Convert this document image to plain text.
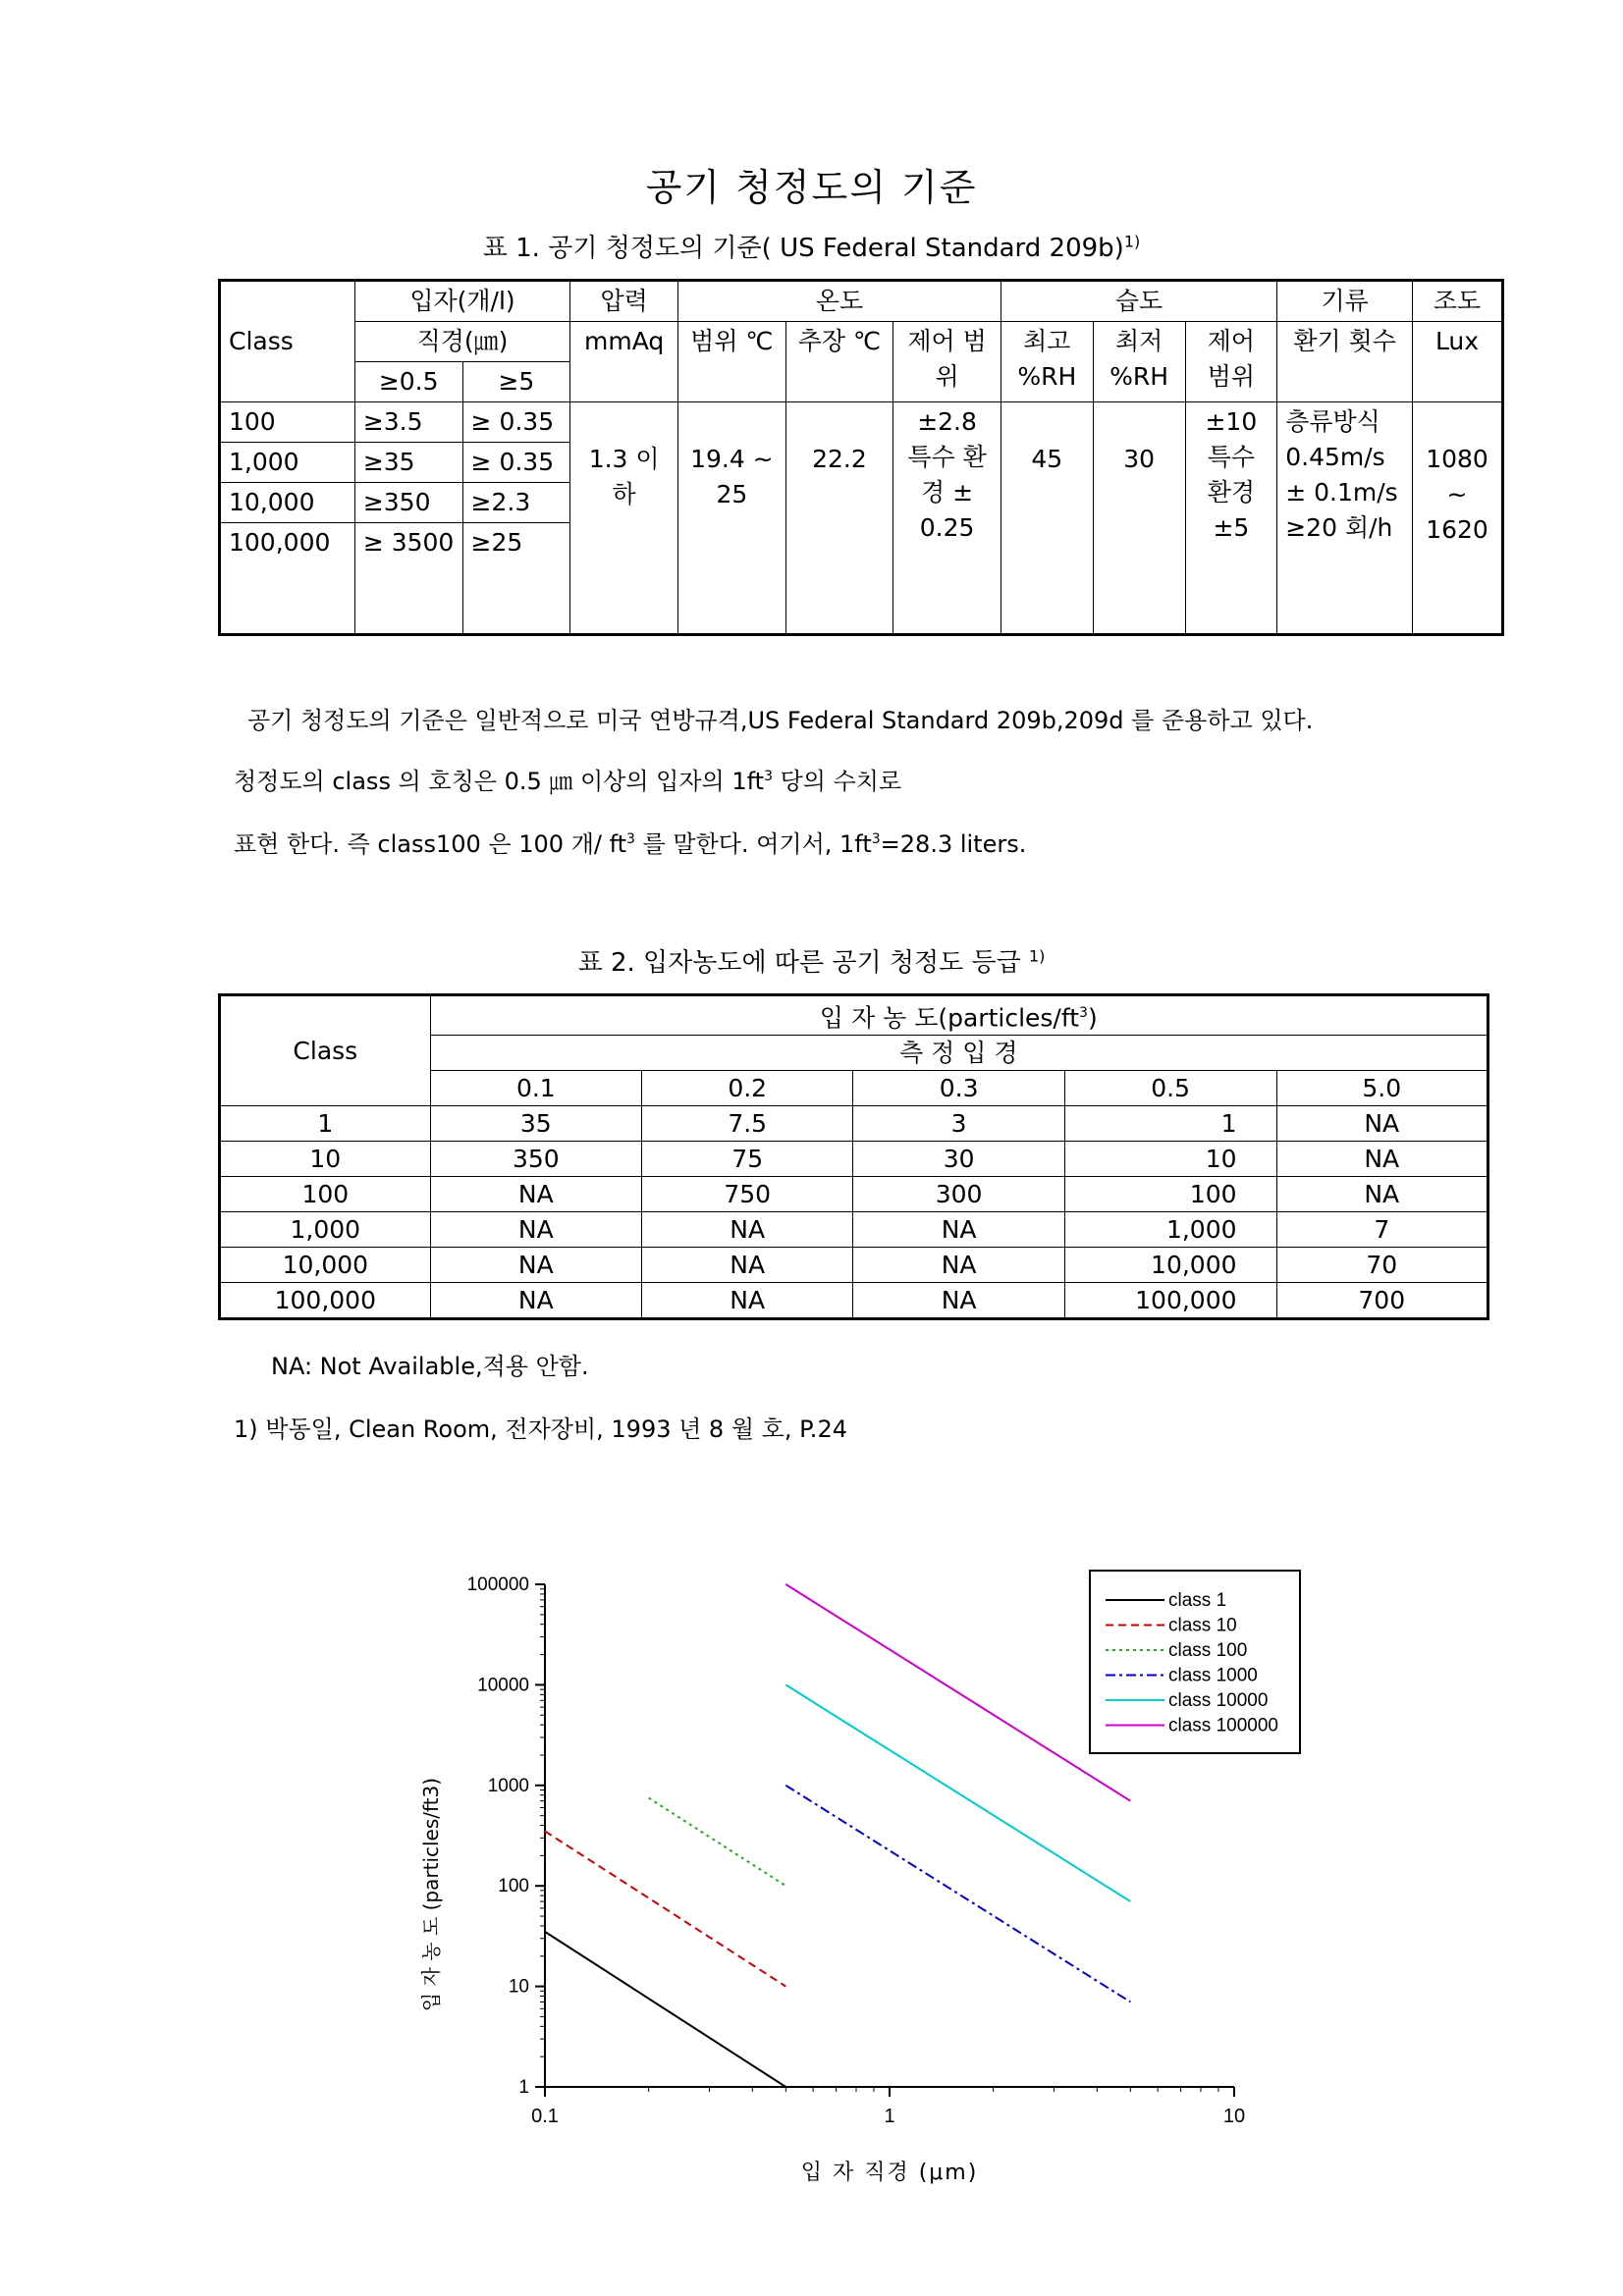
공기 청정도의 기준
표 1. 공기 청정도의 기준( US Federal Standard 209b)$^{1)}$
Class	입자(개/l)		압력	온도			습도			기류	조도
	직경(㎛)		mmAq	범위 ℃	추장 ℃	제어 범위	최고 %RH	최저 %RH	제어 범위	환기 횟수	Lux
	≥0.5	≥5									
100	≥3.5	≥ 0.35	1.3 이하	19.4 ~ 25	22.2	±2.8 특수 환경 ± 0.25	45	30	±10 특수 환경 ±5	층류방식 0.45m/s ± 0.1m/s ≥20 회/h	1080 ~ 1620
1,000	≥35	≥ 0.35									
10,000	≥350	≥2.3									
100,000	≥ 3500	≥25									
공기 청정도의 기준은 일반적으로 미국 연방규격,US Federal Standard 209b,209d 를 준용하고 있다.
청정도의 class 의 호칭은 0.5 ㎛ 이상의 입자의 $1ft^3$ 당의 수치로
표현 한다. 즉 class100 은 100 개/ $ft^3$ 를 말한다. 여기서, $1ft^3=28.3$ liters.
표 2. 입자농도에 따른 공기 청정도 등급 $^{1)}$
Class	입 자 농 도$(particles/ft^3)$				
	측 정 입 경				
	0.1	0.2	0.3	0.5	5.0
1	35	7.5	3	1	NA
10	350	75	30	10	NA
100	NA	750	300	100	NA
1,000	NA	NA	NA	1,000	7
10,000	NA	NA	NA	10,000	70
100,000	NA	NA	NA	100,000	700
NA: Not Available,적용 안함.
1) 박동일, Clean Room, 전자장비, 1993 년 8 월 호, P.24
1
10
100
1000
10000
100000
0.1	1	10
입 자 직경 (μm)
입 자 농 도 (particles/ft3)
class 1
class 10
class 100
class 1000
class 10000
class 100000
